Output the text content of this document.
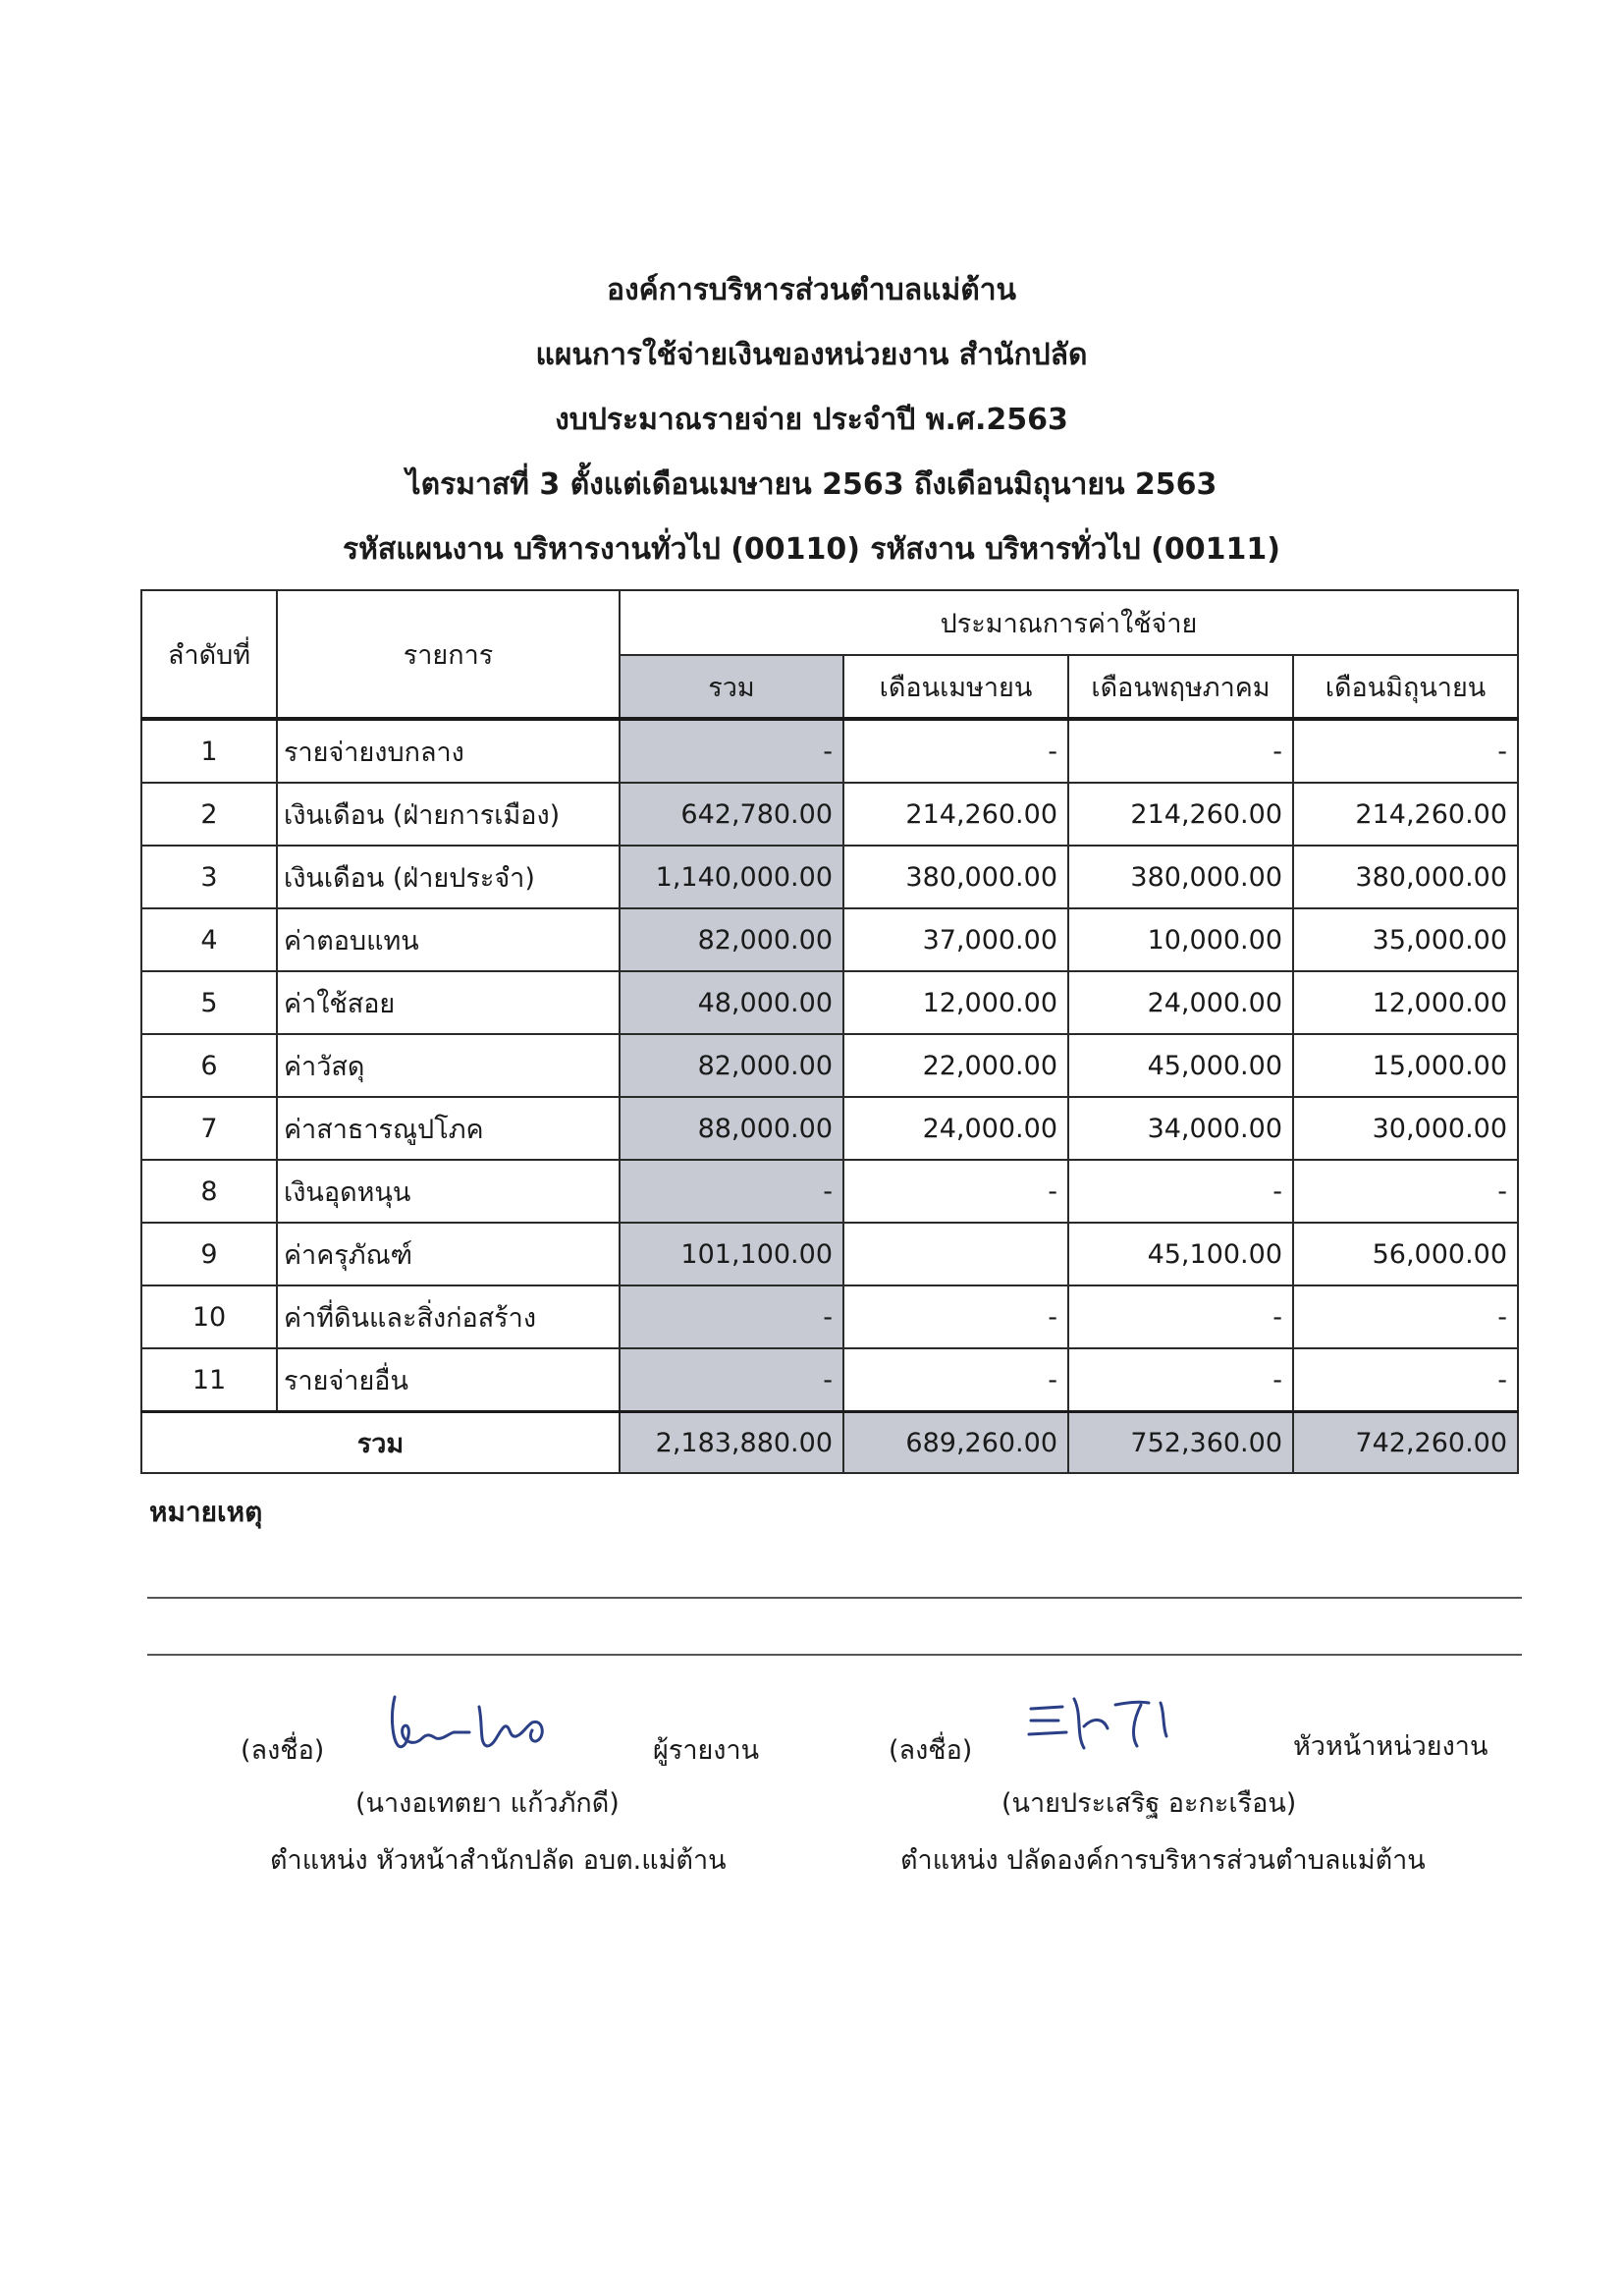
องค์การบริหารส่วนตำบลแม่ต้าน

แผนการใช้จ่ายเงินของหน่วยงาน สำนักปลัด

งบประมาณรายจ่าย ประจำปี พ.ศ.2563

ไตรมาสที่ 3 ตั้งแต่เดือนเมษายน 2563 ถึงเดือนมิถุนายน 2563

รหัสแผนงาน บริหารงานทั่วไป (00110) รหัสงาน บริหารทั่วไป (00111)

ลำดับที่	รายการ	ประมาณการค่าใช้จ่าย			
		รวม	เดือนเมษายน	เดือนพฤษภาคม	เดือนมิถุนายน
1	รายจ่ายงบกลาง	-	-	-	-
2	เงินเดือน (ฝ่ายการเมือง)	642,780.00	214,260.00	214,260.00	214,260.00
3	เงินเดือน (ฝ่ายประจำ)	1,140,000.00	380,000.00	380,000.00	380,000.00
4	ค่าตอบแทน	82,000.00	37,000.00	10,000.00	35,000.00
5	ค่าใช้สอย	48,000.00	12,000.00	24,000.00	12,000.00
6	ค่าวัสดุ	82,000.00	22,000.00	45,000.00	15,000.00
7	ค่าสาธารณูปโภค	88,000.00	24,000.00	34,000.00	30,000.00
8	เงินอุดหนุน	-	-	-	-
9	ค่าครุภัณฑ์	101,100.00		45,100.00	56,000.00
10	ค่าที่ดินและสิ่งก่อสร้าง	-	-	-	-
11	รายจ่ายอื่น	-	-	-	-
รวม		2,183,880.00	689,260.00	752,360.00	742,260.00
หมายเหตุ
(ลงชื่อ)	ผู้รายงาน
(นางอเทตยา แก้วภักดี)
ตำแหน่ง หัวหน้าสำนักปลัด อบต.แม่ต้าน
(ลงชื่อ)	หัวหน้าหน่วยงาน
(นายประเสริฐ อะกะเรือน)
ตำแหน่ง ปลัดองค์การบริหารส่วนตำบลแม่ต้าน
